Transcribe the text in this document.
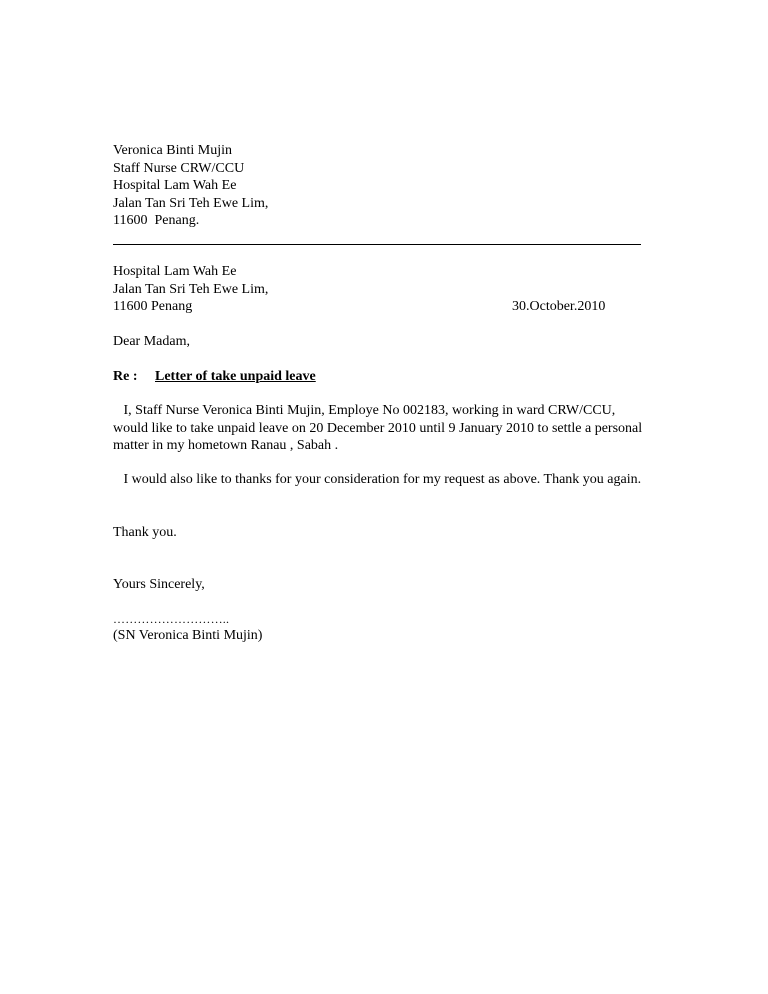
Veronica Binti Mujin
Staff Nurse CRW/CCU
Hospital Lam Wah Ee
Jalan Tan Sri Teh Ewe Lim,
11600  Penang.
Hospital Lam Wah Ee
Jalan Tan Sri Teh Ewe Lim,
11600 Penang	30.October.2010
Dear Madam,
Re : Letter of take unpaid leave
I, Staff Nurse Veronica Binti Mujin, Employe No 002183, working in ward CRW/CCU, would like to take unpaid leave on 20 December 2010 until 9 January 2010 to settle a personal matter in my hometown Ranau , Sabah .
I would also like to thanks for your consideration for my request as above. Thank you again.
Thank you.
Yours Sincerely,
………………………..
(SN Veronica Binti Mujin)
